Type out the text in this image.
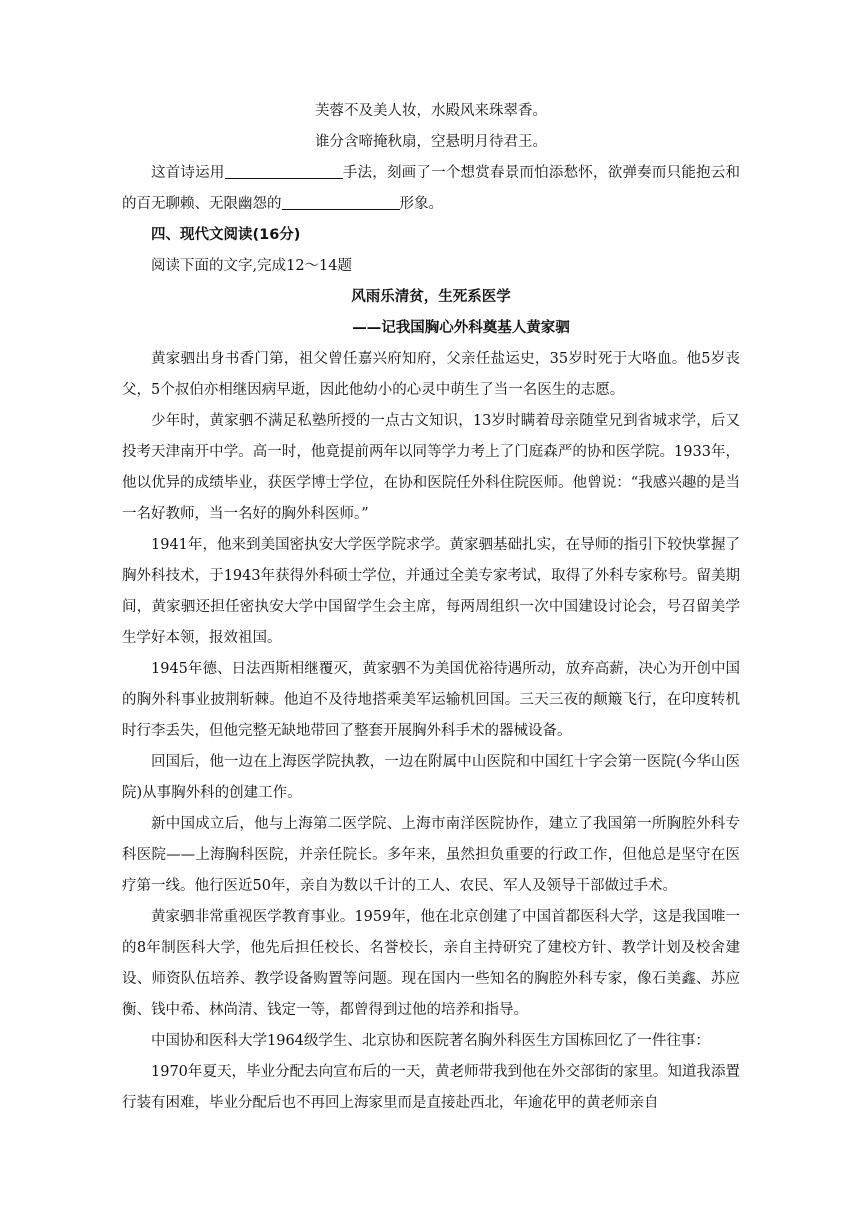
芙蓉不及美人妆，水殿风来珠翠香。
谁分含啼掩秋扇，空悬明月待君王。

这首诗运用	手法，刻画了一个想赏春景而怕添愁怀，欲弹奏而只能抱云和的百无聊赖、无限幽怨的	形象。

四、现代文阅读(16分)

阅读下面的文字,完成12～14题

风雨乐清贫，生死系医学

——记我国胸心外科奠基人黄家驷

黄家驷出身书香门第，祖父曾任嘉兴府知府，父亲任盐运史，35岁时死于大咯血。他5岁丧父，5个叔伯亦相继因病早逝，因此他幼小的心灵中萌生了当一名医生的志愿。

少年时，黄家驷不满足私塾所授的一点古文知识，13岁时瞒着母亲随堂兄到省城求学，后又投考天津南开中学。高一时，他竟提前两年以同等学力考上了门庭森严的协和医学院。1933年，他以优异的成绩毕业，获医学博士学位，在协和医院任外科住院医师。他曾说：“我感兴趣的是当一名好教师，当一名好的胸外科医师。”

1941年，他来到美国密执安大学医学院求学。黄家驷基础扎实，在导师的指引下较快掌握了胸外科技术，于1943年获得外科硕士学位，并通过全美专家考试，取得了外科专家称号。留美期间，黄家驷还担任密执安大学中国留学生会主席，每两周组织一次中国建设讨论会，号召留美学生学好本领，报效祖国。

1945年德、日法西斯相继覆灭，黄家驷不为美国优裕待遇所动，放弃高薪，决心为开创中国的胸外科事业披荆斩棘。他迫不及待地搭乘美军运输机回国。三天三夜的颠簸飞行，在印度转机时行李丢失，但他完整无缺地带回了整套开展胸外科手术的器械设备。

回国后，他一边在上海医学院执教，一边在附属中山医院和中国红十字会第一医院(今华山医院)从事胸外科的创建工作。

新中国成立后，他与上海第二医学院、上海市南洋医院协作，建立了我国第一所胸腔外科专科医院——上海胸科医院，并亲任院长。多年来，虽然担负重要的行政工作，但他总是坚守在医疗第一线。他行医近50年，亲自为数以千计的工人、农民、军人及领导干部做过手术。

黄家驷非常重视医学教育事业。1959年，他在北京创建了中国首都医科大学，这是我国唯一的8年制医科大学，他先后担任校长、名誉校长，亲自主持研究了建校方针、教学计划及校舍建设、师资队伍培养、教学设备购置等问题。现在国内一些知名的胸腔外科专家，像石美鑫、苏应衡、钱中希、林尚清、钱定一等，都曾得到过他的培养和指导。

中国协和医科大学1964级学生、北京协和医院著名胸外科医生方国栋回忆了一件往事：

1970年夏天，毕业分配去向宣布后的一天，黄老师带我到他在外交部街的家里。知道我添置行装有困难，毕业分配后也不再回上海家里而是直接赴西北，年逾花甲的黄老师亲自
